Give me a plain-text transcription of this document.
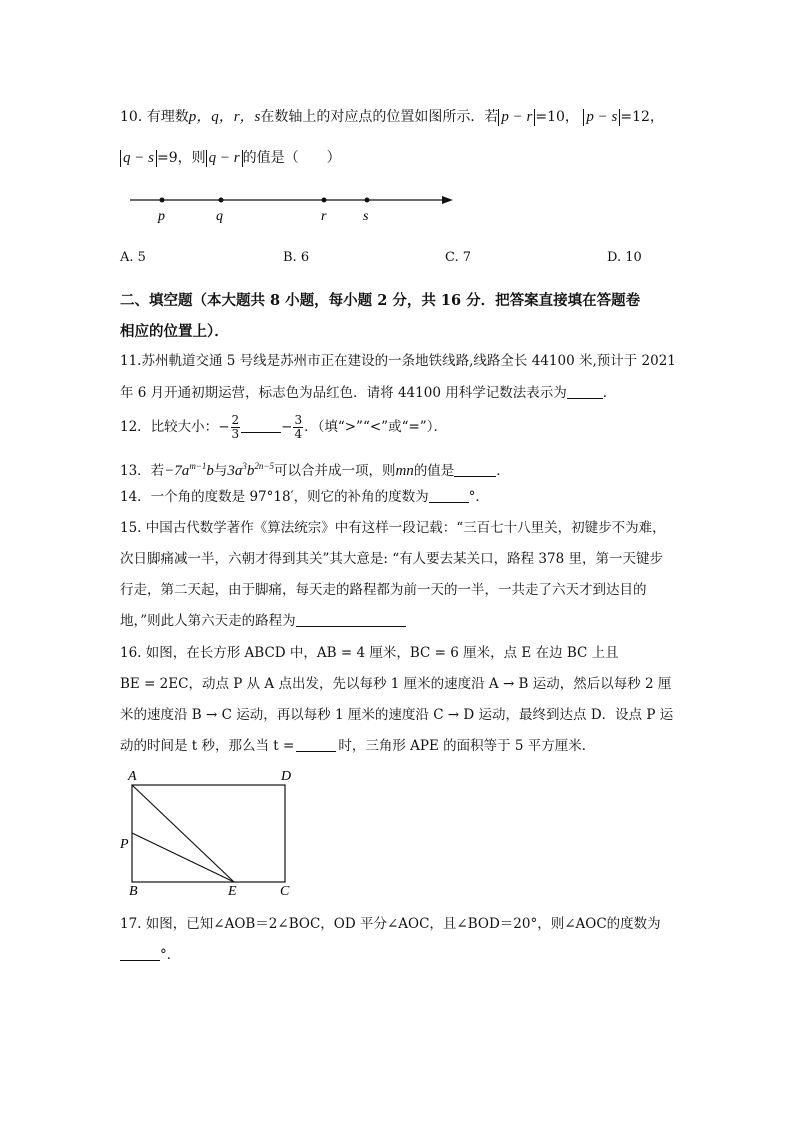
10. 有理数p，q，r，s在数轴上的对应点的位置如图所示．若 p − r =10， p − s =12，
q − s =9，则 q − r 的值是（　　）
p	q	r	s
A. 5	B. 6	C. 7	D. 10
二、填空题（本大题共 8 小题，每小题 2 分，共 16 分．把答案直接填在答题卷
相应的位置上）．
11.苏州軌道交通 5 号线是苏州市正在建设的一条地铁线路,线路全长 44100 米,预计于 2021
年 6 月开通初期运营，标志色为品红色．请将 44100 用科学记数法表示为	．
12．比较大小：− $\frac{2}{3}$	− $\frac{3}{4}$ ．（填“>”“<”或“=”）．
13．若$-7a^{m-1}b$与$3a^3b^{2n-5}$可以合并成一项，则mn的值是	．
14．一个角的度数是 97°18′，则它的补角的度数为	°．
15. 中国古代数学著作《算法统宗》中有这样一段记载：“三百七十八里关，初键步不为难，
次日脚痛减一半，六朝才得到其关”其大意是: “有人要去某关口，路程 378 里，第一天键步
行走，第二天起，由于脚痛，每天走的路程都为前一天的一半，一共走了六天才到达目的
地，”则此人第六天走的路程为
16. 如图，在长方形 ABCD 中，AB = 4 厘米，BC = 6 厘米，点 E 在边 BC 上且
BE = 2EC，动点 P 从 A 点出发，先以每秒 1 厘米的速度沿 A → B 运动，然后以每秒 2 厘
米的速度沿 B → C 运动，再以每秒 1 厘米的速度沿 C → D 运动，最终到达点 D．设点 P 运
动的时间是 t 秒，那么当 t =	时，三角形 APE 的面积等于 5 平方厘米．
A	D
P
B	E	C
17. 如图，已知∠AOB＝2∠BOC，OD 平分∠AOC，且∠BOD＝20°，则∠AOC的度数为
°．
